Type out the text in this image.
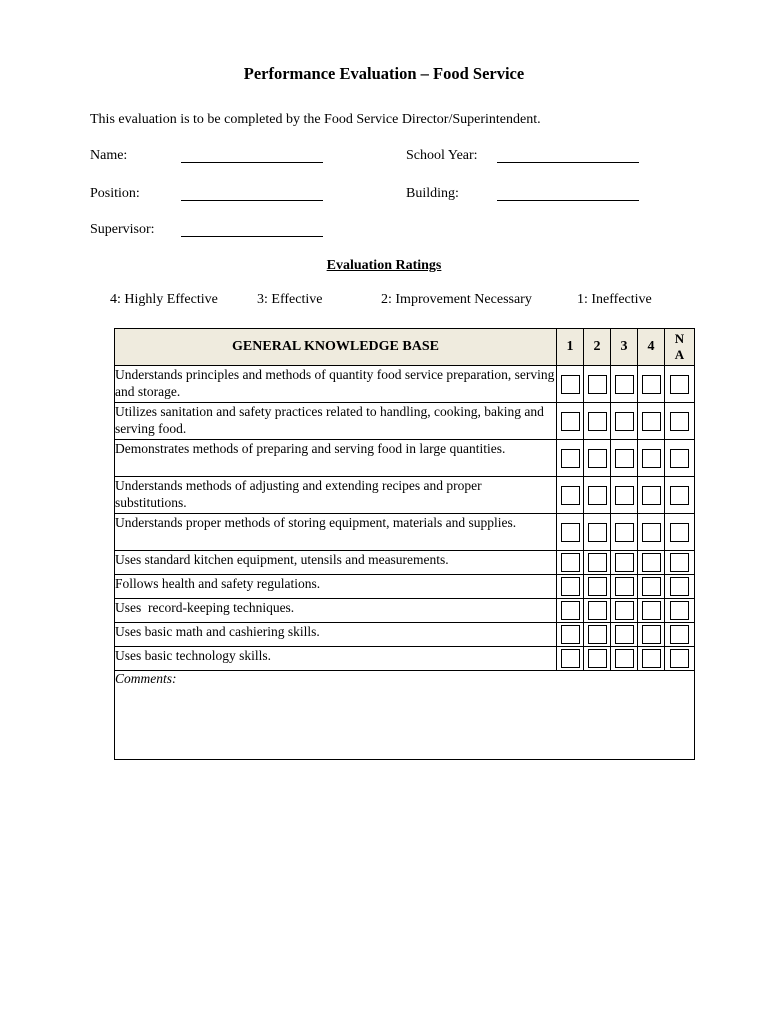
Performance Evaluation – Food Service
This evaluation is to be completed by the Food Service Director/Superintendent.
Name:	School Year:
Position:	Building:
Supervisor:
Evaluation Ratings
4: Highly Effective	3: Effective	2: Improvement Necessary	1: Ineffective
GENERAL KNOWLEDGE BASE	1	2	3	4	N
A
Understands principles and methods of quantity food service preparation, serving and storage.					
Utilizes sanitation and safety practices related to handling, cooking, baking and serving food.					
Demonstrates methods of preparing and serving food in large quantities.					
Understands methods of adjusting and extending recipes and proper substitutions.					
Understands proper methods of storing equipment, materials and supplies.					
Uses standard kitchen equipment, utensils and measurements.					
Follows health and safety regulations.					
Uses  record-keeping techniques.					
Uses basic math and cashiering skills.					
Uses basic technology skills.					
Comments:					
